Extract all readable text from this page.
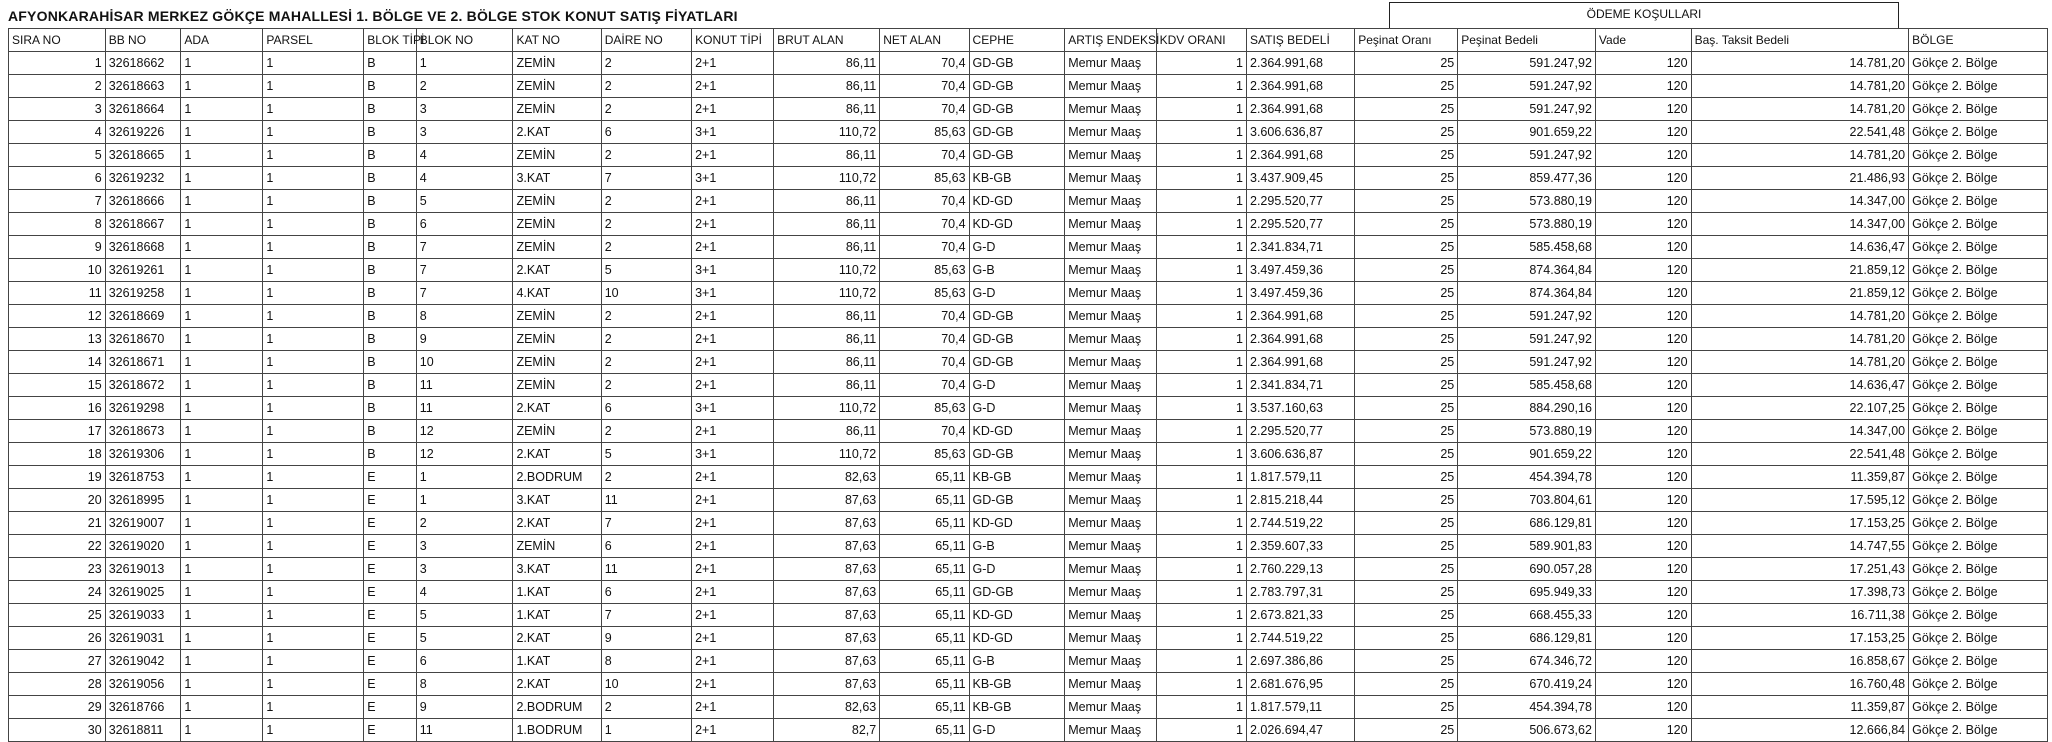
AFYONKARAHİSAR MERKEZ GÖKÇE MAHALLESİ 1. BÖLGE VE 2. BÖLGE STOK KONUT SATIŞ FİYATLARI	ÖDEME KOŞULLARI
SIRA NO	BB NO	ADA	PARSEL	BLOK TİPİ	BLOK NO	KAT NO	DAİRE NO	KONUT TİPİ	BRUT ALAN	NET ALAN	CEPHE	ARTIŞ ENDEKSİ	KDV ORANI	SATIŞ BEDELİ	Peşinat Oranı	Peşinat Bedeli	Vade	Baş. Taksit Bedeli	BÖLGE
1	32618662	1	1	B	1	ZEMİN	2	2+1	86,11	70,4	GD-GB	Memur Maaş	1	2.364.991,68	25	591.247,92	120	14.781,20	Gökçe 2. Bölge
2	32618663	1	1	B	2	ZEMİN	2	2+1	86,11	70,4	GD-GB	Memur Maaş	1	2.364.991,68	25	591.247,92	120	14.781,20	Gökçe 2. Bölge
3	32618664	1	1	B	3	ZEMİN	2	2+1	86,11	70,4	GD-GB	Memur Maaş	1	2.364.991,68	25	591.247,92	120	14.781,20	Gökçe 2. Bölge
4	32619226	1	1	B	3	2.KAT	6	3+1	110,72	85,63	GD-GB	Memur Maaş	1	3.606.636,87	25	901.659,22	120	22.541,48	Gökçe 2. Bölge
5	32618665	1	1	B	4	ZEMİN	2	2+1	86,11	70,4	GD-GB	Memur Maaş	1	2.364.991,68	25	591.247,92	120	14.781,20	Gökçe 2. Bölge
6	32619232	1	1	B	4	3.KAT	7	3+1	110,72	85,63	KB-GB	Memur Maaş	1	3.437.909,45	25	859.477,36	120	21.486,93	Gökçe 2. Bölge
7	32618666	1	1	B	5	ZEMİN	2	2+1	86,11	70,4	KD-GD	Memur Maaş	1	2.295.520,77	25	573.880,19	120	14.347,00	Gökçe 2. Bölge
8	32618667	1	1	B	6	ZEMİN	2	2+1	86,11	70,4	KD-GD	Memur Maaş	1	2.295.520,77	25	573.880,19	120	14.347,00	Gökçe 2. Bölge
9	32618668	1	1	B	7	ZEMİN	2	2+1	86,11	70,4	G-D	Memur Maaş	1	2.341.834,71	25	585.458,68	120	14.636,47	Gökçe 2. Bölge
10	32619261	1	1	B	7	2.KAT	5	3+1	110,72	85,63	G-B	Memur Maaş	1	3.497.459,36	25	874.364,84	120	21.859,12	Gökçe 2. Bölge
11	32619258	1	1	B	7	4.KAT	10	3+1	110,72	85,63	G-D	Memur Maaş	1	3.497.459,36	25	874.364,84	120	21.859,12	Gökçe 2. Bölge
12	32618669	1	1	B	8	ZEMİN	2	2+1	86,11	70,4	GD-GB	Memur Maaş	1	2.364.991,68	25	591.247,92	120	14.781,20	Gökçe 2. Bölge
13	32618670	1	1	B	9	ZEMİN	2	2+1	86,11	70,4	GD-GB	Memur Maaş	1	2.364.991,68	25	591.247,92	120	14.781,20	Gökçe 2. Bölge
14	32618671	1	1	B	10	ZEMİN	2	2+1	86,11	70,4	GD-GB	Memur Maaş	1	2.364.991,68	25	591.247,92	120	14.781,20	Gökçe 2. Bölge
15	32618672	1	1	B	11	ZEMİN	2	2+1	86,11	70,4	G-D	Memur Maaş	1	2.341.834,71	25	585.458,68	120	14.636,47	Gökçe 2. Bölge
16	32619298	1	1	B	11	2.KAT	6	3+1	110,72	85,63	G-D	Memur Maaş	1	3.537.160,63	25	884.290,16	120	22.107,25	Gökçe 2. Bölge
17	32618673	1	1	B	12	ZEMİN	2	2+1	86,11	70,4	KD-GD	Memur Maaş	1	2.295.520,77	25	573.880,19	120	14.347,00	Gökçe 2. Bölge
18	32619306	1	1	B	12	2.KAT	5	3+1	110,72	85,63	GD-GB	Memur Maaş	1	3.606.636,87	25	901.659,22	120	22.541,48	Gökçe 2. Bölge
19	32618753	1	1	E	1	2.BODRUM	2	2+1	82,63	65,11	KB-GB	Memur Maaş	1	1.817.579,11	25	454.394,78	120	11.359,87	Gökçe 2. Bölge
20	32618995	1	1	E	1	3.KAT	11	2+1	87,63	65,11	GD-GB	Memur Maaş	1	2.815.218,44	25	703.804,61	120	17.595,12	Gökçe 2. Bölge
21	32619007	1	1	E	2	2.KAT	7	2+1	87,63	65,11	KD-GD	Memur Maaş	1	2.744.519,22	25	686.129,81	120	17.153,25	Gökçe 2. Bölge
22	32619020	1	1	E	3	ZEMİN	6	2+1	87,63	65,11	G-B	Memur Maaş	1	2.359.607,33	25	589.901,83	120	14.747,55	Gökçe 2. Bölge
23	32619013	1	1	E	3	3.KAT	11	2+1	87,63	65,11	G-D	Memur Maaş	1	2.760.229,13	25	690.057,28	120	17.251,43	Gökçe 2. Bölge
24	32619025	1	1	E	4	1.KAT	6	2+1	87,63	65,11	GD-GB	Memur Maaş	1	2.783.797,31	25	695.949,33	120	17.398,73	Gökçe 2. Bölge
25	32619033	1	1	E	5	1.KAT	7	2+1	87,63	65,11	KD-GD	Memur Maaş	1	2.673.821,33	25	668.455,33	120	16.711,38	Gökçe 2. Bölge
26	32619031	1	1	E	5	2.KAT	9	2+1	87,63	65,11	KD-GD	Memur Maaş	1	2.744.519,22	25	686.129,81	120	17.153,25	Gökçe 2. Bölge
27	32619042	1	1	E	6	1.KAT	8	2+1	87,63	65,11	G-B	Memur Maaş	1	2.697.386,86	25	674.346,72	120	16.858,67	Gökçe 2. Bölge
28	32619056	1	1	E	8	2.KAT	10	2+1	87,63	65,11	KB-GB	Memur Maaş	1	2.681.676,95	25	670.419,24	120	16.760,48	Gökçe 2. Bölge
29	32618766	1	1	E	9	2.BODRUM	2	2+1	82,63	65,11	KB-GB	Memur Maaş	1	1.817.579,11	25	454.394,78	120	11.359,87	Gökçe 2. Bölge
30	32618811	1	1	E	11	1.BODRUM	1	2+1	82,7	65,11	G-D	Memur Maaş	1	2.026.694,47	25	506.673,62	120	12.666,84	Gökçe 2. Bölge
